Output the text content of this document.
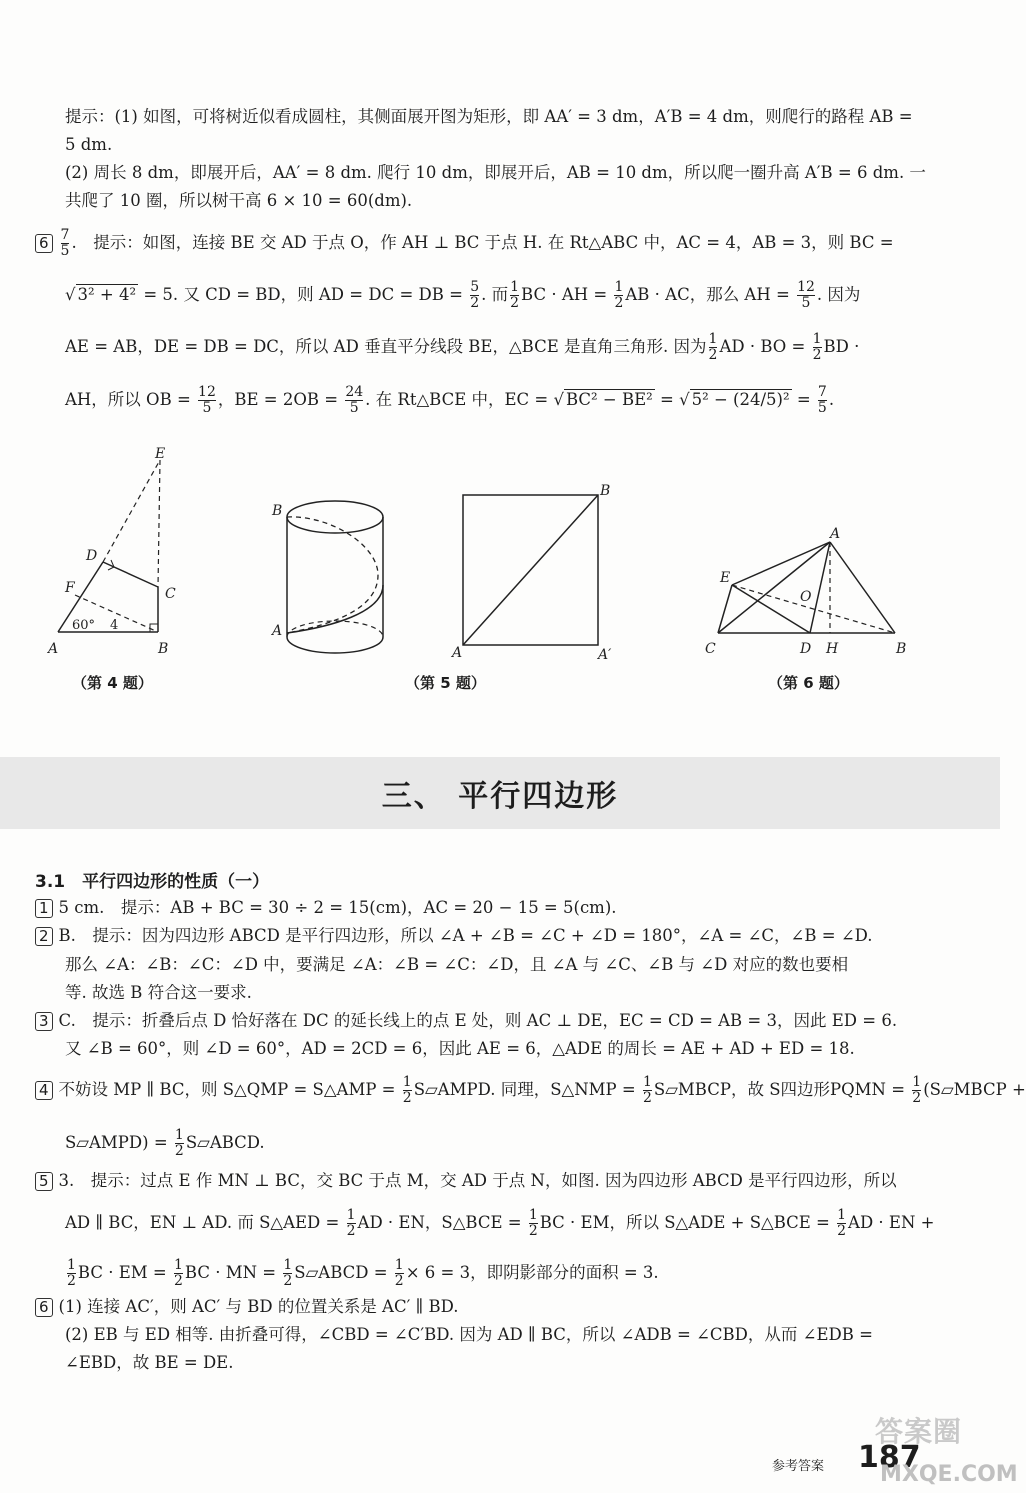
提示：(1) 如图，可将树近似看成圆柱，其侧面展开图为矩形，即 AA′ = 3 dm，A′B = 4 dm，则爬行的路程 AB =
5 dm.
(2) 周长 8 dm，即展开后，AA′ = 8 dm. 爬行 10 dm，即展开后，AB = 10 dm，所以爬一圈升高 A′B = 6 dm. 一
共爬了 10 圈，所以树干高 6 × 10 = 60(dm).
$6 \frac{7}{5}$ .　提示：如图，连接 BE 交 AD 于点 O，作 AH ⊥ BC 于点 H. 在 Rt△ABC 中，AC = 4，AB = 3，则 BC =
√ 3² + 4² = 5. 又 CD = BD，则 AD = DC = DB = $\frac{5}{2}$ . 而 $\frac{1}{2}$ BC · AH = $\frac{1}{2}$ AB · AC，那么 AH = $\frac{12}{5}$ . 因为
AE = AB，DE = DB = DC，所以 AD 垂直平分线段 BE，△BCE 是直角三角形. 因为 $\frac{1}{2}$ AD · BO = $\frac{1}{2}$ BD ·
AH，所以 OB = $\frac{12}{5}$ ，BE = $2OB = \frac{24}{5}$ . 在 Rt△BCE 中，EC = √ BC² − BE² = √ $5^2 - (24/5)^2 = \frac{7}{5}$ .
E
D
F	C
A	B
60° 4
（第 4 题）
B
A
B
A	A′
（第 5 题）
A
E
O
C	D H	B
（第 6 题）
三、 平行四边形
3.1　平行四边形的性质（一）
1 5 cm.　提示：AB + BC = 30 ÷ 2 = 15(cm)，AC = 20 − 15 = 5(cm).
2 B.　提示：因为四边形 ABCD 是平行四边形，所以 ∠A + ∠B = ∠C + ∠D = 180°，∠A = ∠C，∠B = ∠D.
那么 ∠A：∠B：∠C：∠D 中，要满足 ∠A：∠B = ∠C：∠D，且 ∠A 与 ∠C、∠B 与 ∠D 对应的数也要相
等. 故选 B 符合这一要求.
3 C.　提示：折叠后点 D 恰好落在 DC 的延长线上的点 E 处，则 AC ⊥ DE，EC = CD = AB = 3，因此 ED = 6.
又 ∠B = 60°，则 ∠D = 60°，AD = 2CD = 6，因此 AE = 6，△ADE 的周长 = AE + AD + ED = 18.
4 不妨设 MP ∥ BC，则 S△QMP = S△AMP = $\frac{1}{2}$ S▱AMPD. 同理，S△NMP = $\frac{1}{2}$ S▱MBCP，故 S四边形PQMN = $\frac{1}{2}$ (S▱MBCP +
S▱AMPD) = $\frac{1}{2}$ S▱ABCD.
5 3.　提示：过点 E 作 MN ⊥ BC，交 BC 于点 M，交 AD 于点 N，如图. 因为四边形 ABCD 是平行四边形，所以
AD ∥ BC，EN ⊥ AD. 而 S△AED = $\frac{1}{2}$ AD · EN，S△BCE = $\frac{1}{2}$ BC · EM，所以 S△ADE + S△BCE = $\frac{1}{2}$ AD · EN +
$\frac{1}{2}$ BC · EM = $\frac{1}{2}$ BC · MN = $\frac{1}{2}$ S▱ABCD = $\frac{1}{2} \times 6 = 3$，即阴影部分的面积 = 3.
6 (1) 连接 AC′，则 AC′ 与 BD 的位置关系是 AC′ ∥ BD.
(2) EB 与 ED 相等. 由折叠可得，∠CBD = ∠C′BD. 因为 AD ∥ BC，所以 ∠ADB = ∠CBD，从而 ∠EDB =
∠EBD，故 BE = DE.
答案圈
参考答案 187
MXQE.COM
